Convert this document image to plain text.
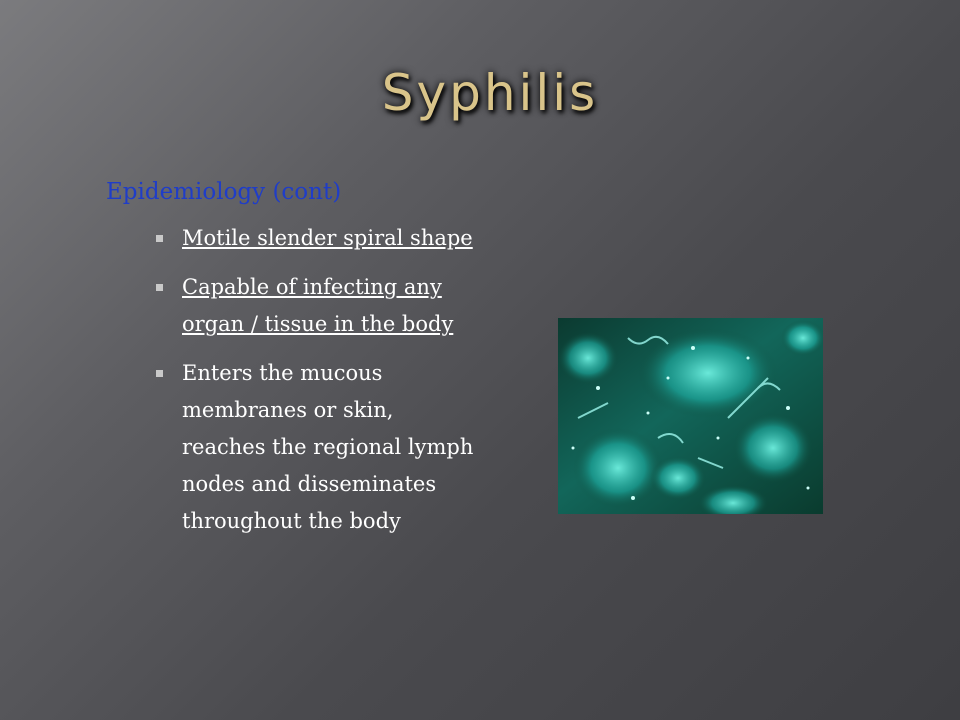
Syphilis
Epidemiology (cont)
Motile slender spiral shape
Capable of infecting any organ / tissue in the body
Enters the mucous membranes or skin, reaches the regional lymph nodes and disseminates throughout the body
